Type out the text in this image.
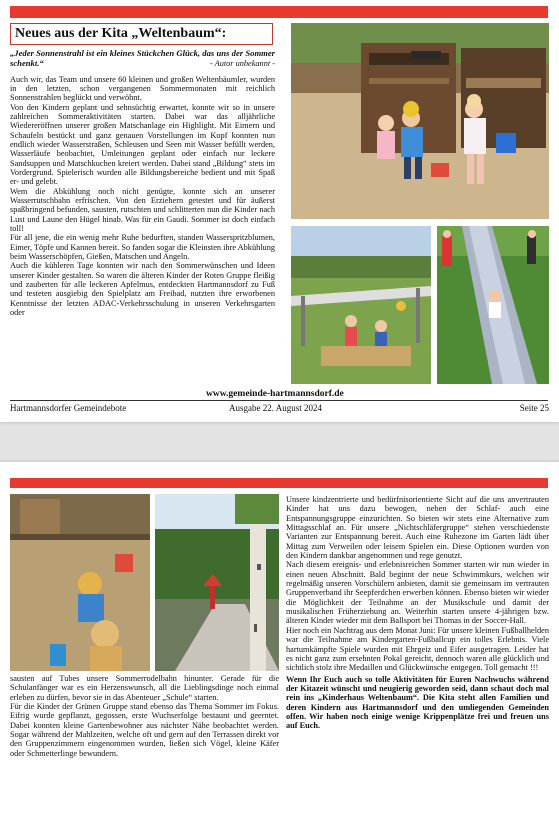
Neues aus der Kita „Weltenbaum“:

„Jeder Sonnenstrahl ist ein kleines Stückchen Glück, das uns der Sommer schenkt.“	- Autor unbekannt -

Auch wir, das Team und unsere 60 kleinen und großen Weltenbäumler, wurden in den letzten, schon vergangenen Sommermonaten mit reichlich Sonnenstrahlen beglückt und verwöhnt.

Von den Kindern geplant und sehnsüchtig erwartet, konnte wir so in unsere zahlreichen Sommeraktivitäten starten. Dabei war das alljährliche Wiedereröffnen unserer großen Matschanlage ein Highlight. Mit Eimern und Schaufeln bestückt und ganz genauen Vorstellungen im Kopf konnten nun endlich wieder Wasserstraßen, Schleusen und Seen mit Wasser befüllt werden, Wasserläufe beobachtet, Umleitungen geplant oder einfach nur leckere Sandsuppen und Matschkuchen kreiert werden. Dabei stand „Bildung“ stets im Vordergrund. Spielerisch wurden alle Bildungsbereiche bedient und mit Spaß er- und gelebt.

Wem die Abkühlung noch nicht genügte, konnte sich an unserer Wasserrutschbahn erfrischen. Von den Erziehern getestet und für äußerst spaßbringend befunden, sausten, rutschten und schlitterten nun die Kinder nach Lust und Laune den Hügel hinab. Was für ein Gaudi. Sommer ist doch einfach toll!

Für all jene, die ein wenig mehr Ruhe bedurften, standen Wasserspritzblumen, Eimer, Töpfe und Kannen bereit. So fanden sogar die Kleinsten ihre Abkühlung beim Wasserschöpfen, Gießen, Matschen und Angeln.

Auch die kühleren Tage konnten wir nach den Sommerwünschen und Ideen unserer Kinder gestalten. So waren die älteren Kinder der Roten Gruppe fleißig und zauberten für alle leckeren Apfelmus, entdeckten Hartmannsdorf zu Fuß und testeten ausgiebig den Spielplatz am Freibad, nutzten ihre erworbenen Kenntnisse der letzten ADAC-Verkehrsschulung in unseren Verkehrsgarten oder

www.gemeinde-hartmannsdorf.de
Hartmannsdorfer Gemeindebote	Ausgabe 22. August 2024	Seite 25

sausten auf Tubes unsere Sommerrodelbahn hinunter. Gerade für die Schulanfänger war es ein Herzenswunsch, all die Lieblingsdinge noch einmal erleben zu dürfen, bevor sie in das Abenteuer „Schule“ starten.

Für die Kinder der Grünen Gruppe stand ebenso das Thema Sommer im Fokus. Eifrig wurde gepflanzt, gegossen, erste Wuchserfolge bestaunt und geerntet. Dabei konnten kleine Gartenbewohner aus nächster Nähe beobachtet werden. Sogar während der Mahlzeiten, welche oft und gern auf den Terrassen direkt vor den Gruppenzimmern eingenommen wurden, ließen sich Vögel, kleine Käfer oder Schmetterlinge bewundern.

Unsere kindzentrierte und bedürfnisorientierte Sicht auf die uns anvertrauten Kinder hat uns dazu bewogen, neben der Schlaf- auch eine Entspannungsgruppe einzurichten. So bieten wir stets eine Alternative zum Mittagsschlaf an. Für unsere „Nichtschläfergruppe“ stehen verschiedenste Varianten zur Entspannung bereit. Auch eine Ruhezone im Garten lädt über Mittag zum Verweilen oder leisem Spielen ein. Diese Optionen wurden von den Kindern dankbar angenommen und rege genutzt.

Nach diesem ereignis- und erlebnisreichen Sommer starten wir nun wieder in einen neuen Abschnitt. Bald beginnt der neue Schwimmkurs, welchen wir regelmäßig unseren Vorschülern anbieten, damit sie gemeinsam im vertrauten Gruppenverband ihr Seepferdchen erwerben können. Ebenso bieten wir wieder die Möglichkeit der Teilnahme an der Musikschule und damit der musikalischen Früherziehung an. Weiterhin starten unsere 4-jährigen bzw. älteren Kinder wieder mit dem Ballsport bei Thomas in der Soccer-Hall.

Hier noch ein Nachtrag aus dem Monat Juni: Für unsere kleinen Fußballhelden war die Teilnahme am Kindergarten-Fußballcup ein tolles Erlebnis. Viele hartumkämpfte Spiele wurden mit Ehrgeiz und Eifer ausgetragen. Leider hat es nicht ganz zum ersehnten Pokal gereicht, dennoch waren alle glücklich und sichtlich stolz ihre Medaillen und Glückwünsche entgegen. Toll gemacht !!!

Wenn Ihr Euch auch so tolle Aktivitäten für Euren Nachwuchs während der Kitazeit wünscht und neugierig geworden seid, dann schaut doch mal rein ins „Kinderhaus Weltenbaum“. Die Kita steht allen Familien und deren Kindern aus Hartmannsdorf und den umliegenden Gemeinden offen. Wir haben noch einige wenige Krippenplätze frei und freuen uns auf Euch.
